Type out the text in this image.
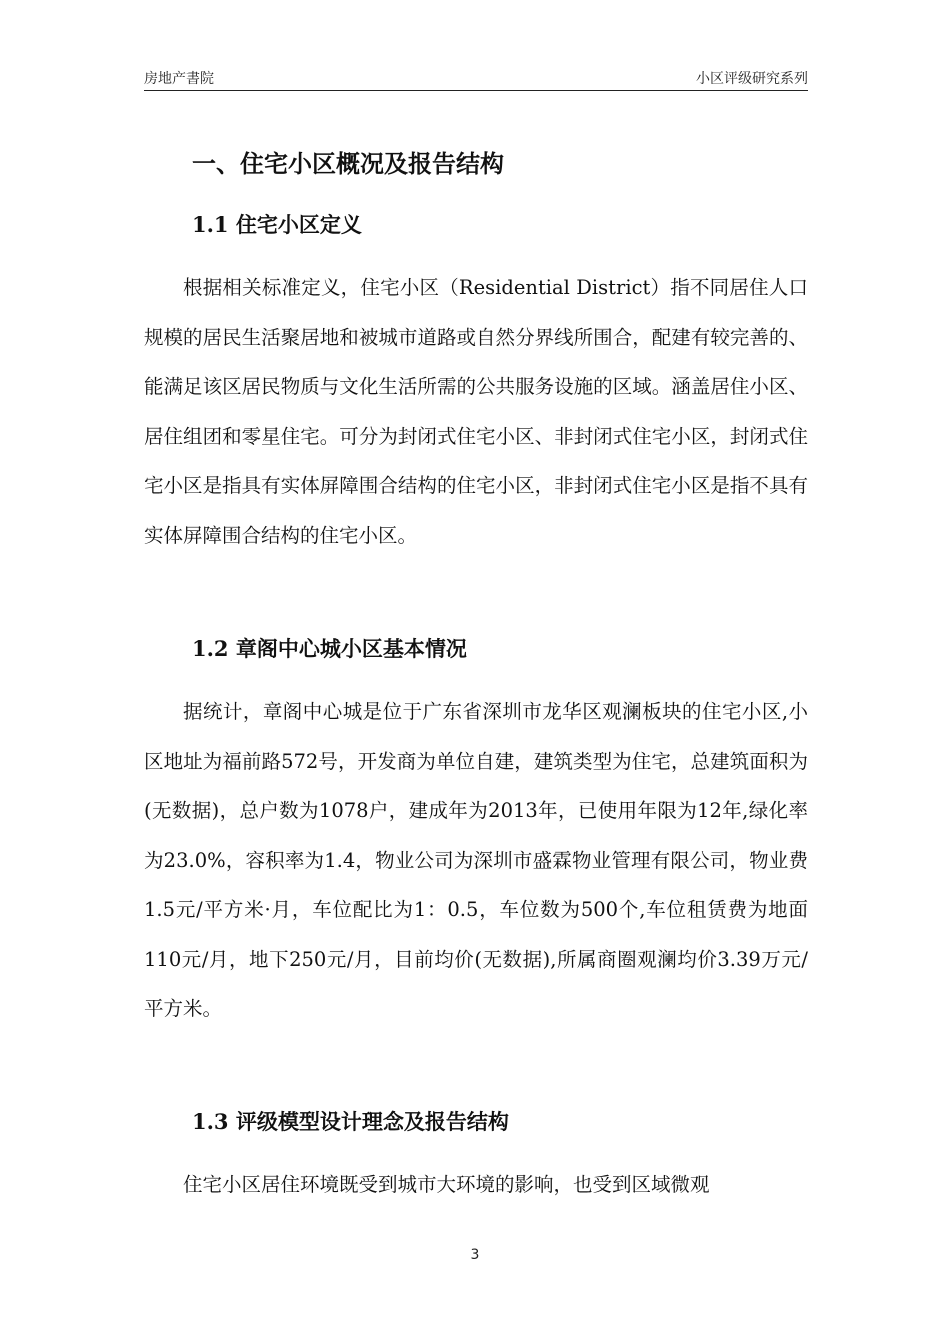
房地产書院	小区评级研究系列
一、住宅小区概况及报告结构
1.1 住宅小区定义

根据相关标准定义，住宅小区（Residential District）指不同居住人口规模的居民生活聚居地和被城市道路或自然分界线所围合，配建有较完善的、能满足该区居民物质与文化生活所需的公共服务设施的区域。涵盖居住小区、居住组团和零星住宅。可分为封闭式住宅小区、非封闭式住宅小区，封闭式住宅小区是指具有实体屏障围合结构的住宅小区，非封闭式住宅小区是指不具有实体屏障围合结构的住宅小区。

1.2 章阁中心城小区基本情况

据统计，章阁中心城是位于广东省深圳市龙华区观澜板块的住宅小区,小区地址为福前路572号，开发商为单位自建，建筑类型为住宅，总建筑面积为(无数据)，总户数为1078户，建成年为2013年，已使用年限为12年,绿化率为23.0%，容积率为1.4，物业公司为深圳市盛霖物业管理有限公司，物业费1.5元/平方米·月，车位配比为1：0.5，车位数为500个,车位租赁费为地面110元/月，地下250元/月，目前均价(无数据),所属商圈观澜均价3.39万元/平方米。

1.3 评级模型设计理念及报告结构

住宅小区居住环境既受到城市大环境的影响，也受到区域微观

3
